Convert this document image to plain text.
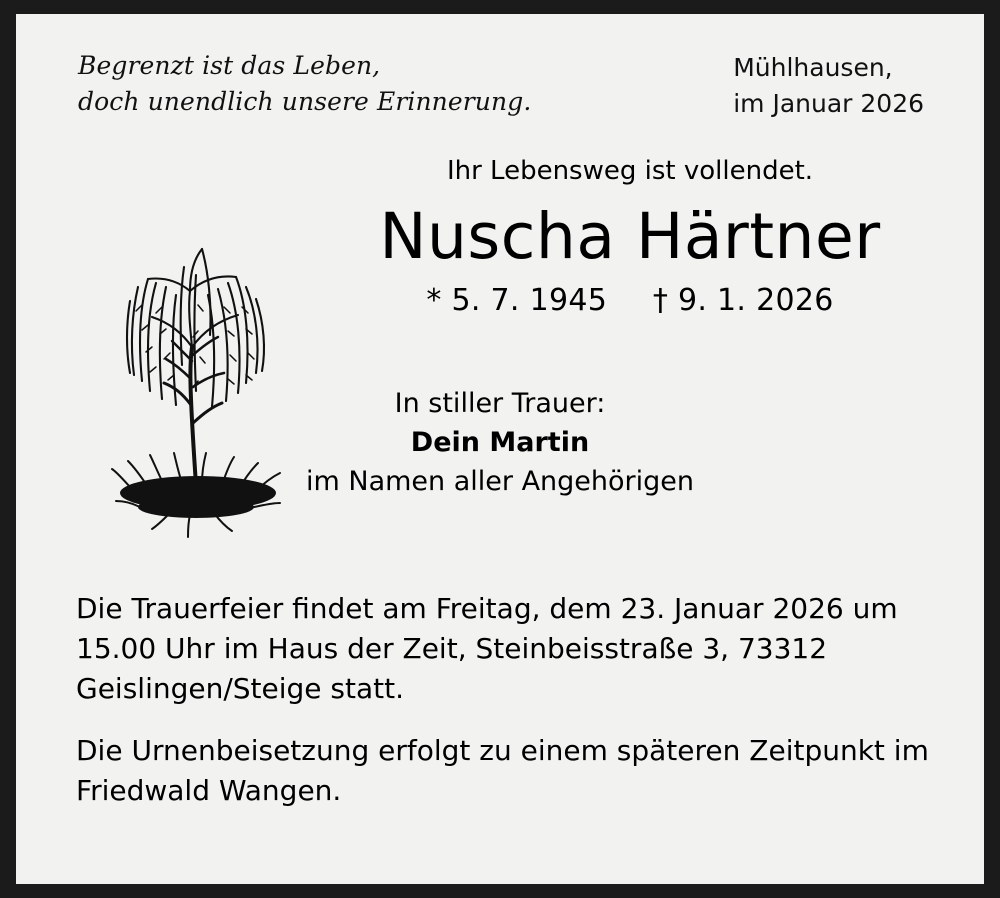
Begrenzt ist das Leben,
doch unendlich unsere Erinnerung.
Mühlhausen,
im Januar 2026
Ihr Lebensweg ist vollendet.
Nuscha Härtner
* 5. 7. 1945 † 9. 1. 2026
In stiller Trauer:
Dein Martin
im Namen aller Angehörigen
Die Trauerfeier findet am Freitag, dem 23. Januar 2026 um 15.00 Uhr im Haus der Zeit, Steinbeisstraße 3, 73312 Geislingen/Steige statt.
Die Urnenbeisetzung erfolgt zu einem späteren Zeitpunkt im Friedwald Wangen.
